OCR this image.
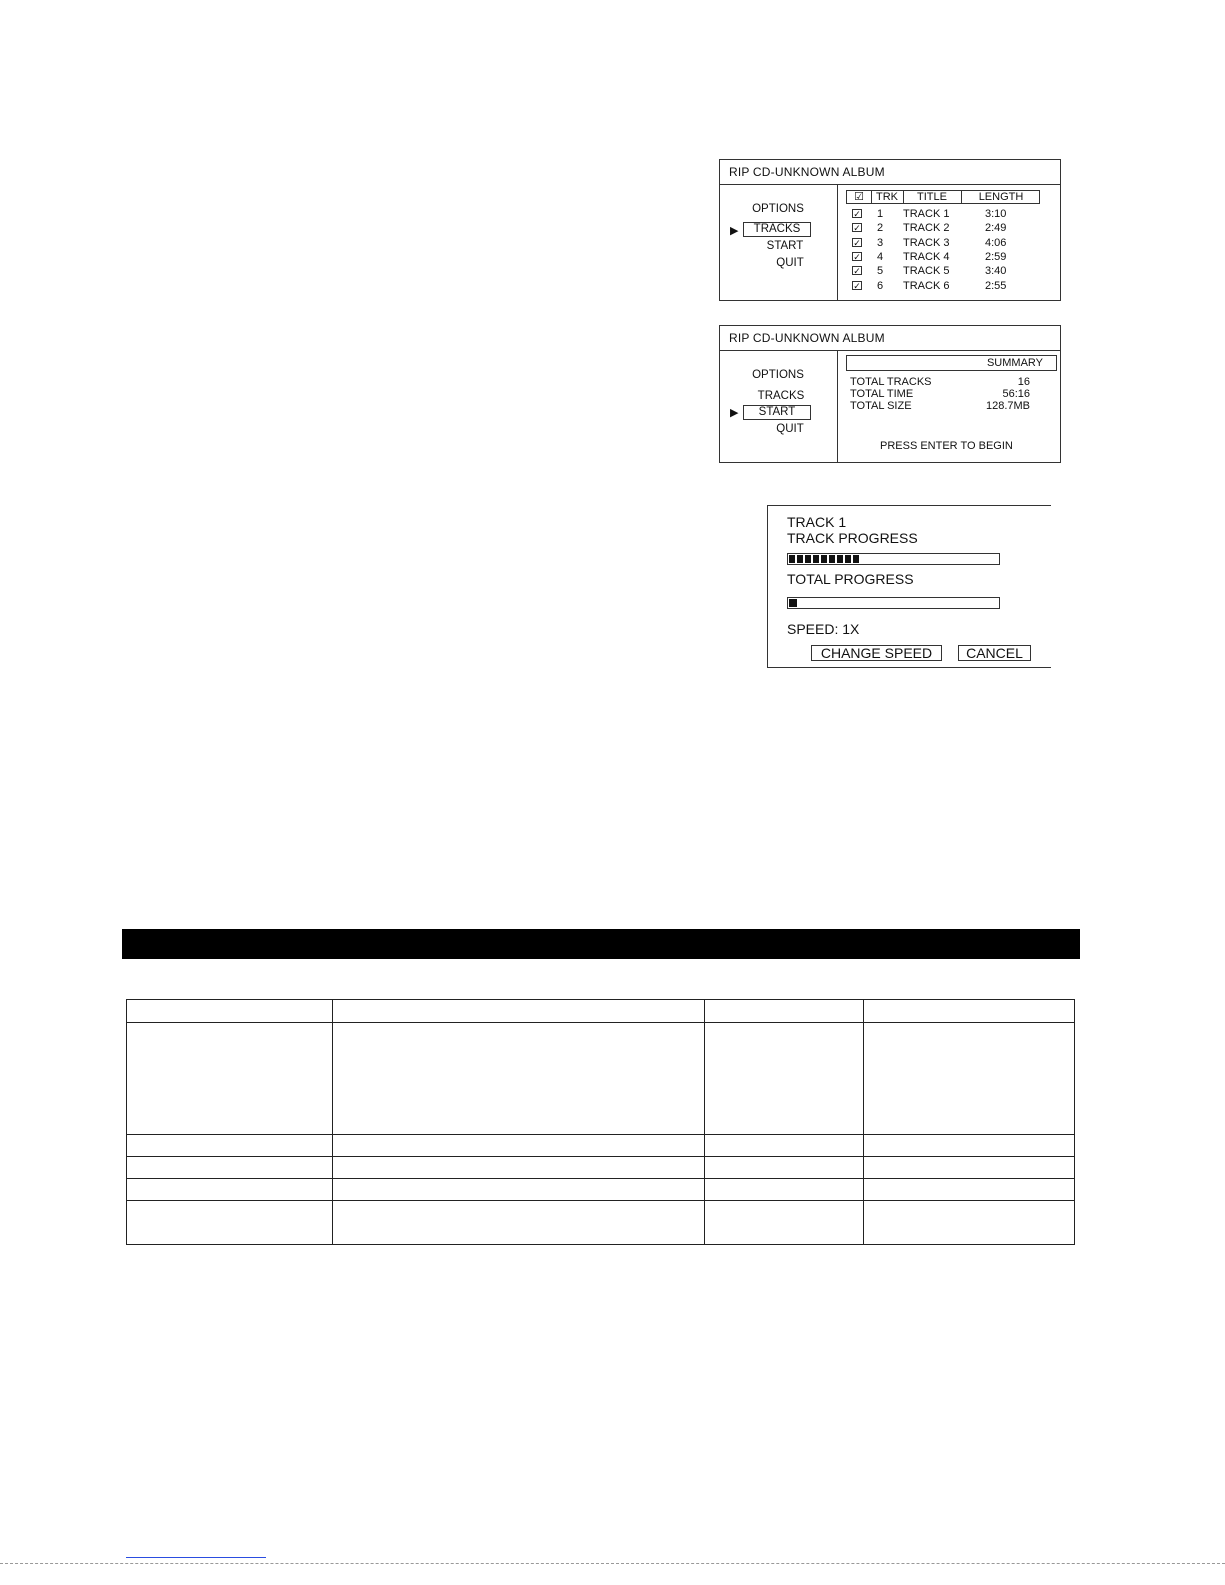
RIP CD-UNKNOWN ALBUM
OPTIONS
▶	TRACKS
START
QUIT
☑	TRK	TITLE	LENGTH
✓ 1 TRACK 1	3:10
✓ 2 TRACK 2	2:49
✓ 3 TRACK 3	4:06
✓ 4 TRACK 4	2:59
✓ 5 TRACK 5	3:40
✓ 6 TRACK 6	2:55
RIP CD-UNKNOWN ALBUM
OPTIONS
TRACKS
▶	START
QUIT
SUMMARY
TOTAL TRACKS	16
TOTAL TIME	56:16
TOTAL SIZE	128.7MB
PRESS ENTER TO BEGIN
TRACK 1
TRACK PROGRESS
TOTAL PROGRESS
SPEED: 1X
CHANGE SPEED	CANCEL
